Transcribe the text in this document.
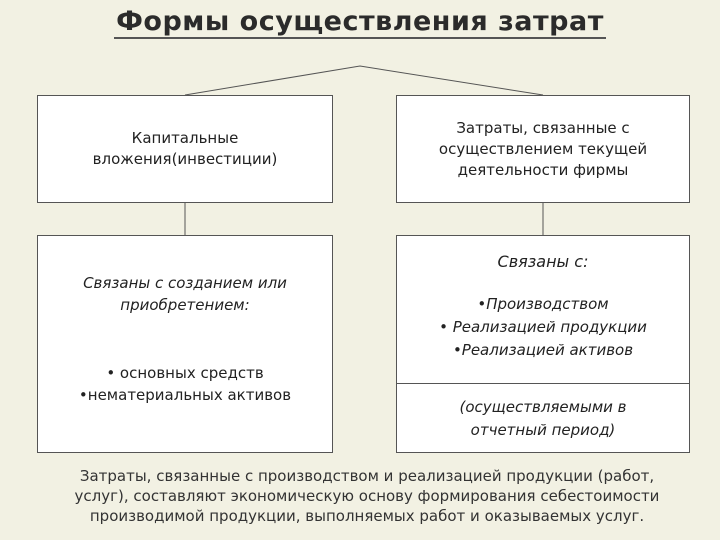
Формы осуществления затрат
Капитальные
вложения(инвестиции)
Затраты, связанные с
осуществлением текущей
деятельности фирмы
Связаны с созданием или
приобретением:
• основных средств
•нематериальных активов
Связаны с:
•Производством
• Реализацией продукции
•Реализацией активов
(осуществляемыми в
отчетный период)
Затраты, связанные с производством и реализацией продукции (работ,
услуг), составляют экономическую основу формирования себестоимости
производимой продукции, выполняемых работ и оказываемых услуг.
